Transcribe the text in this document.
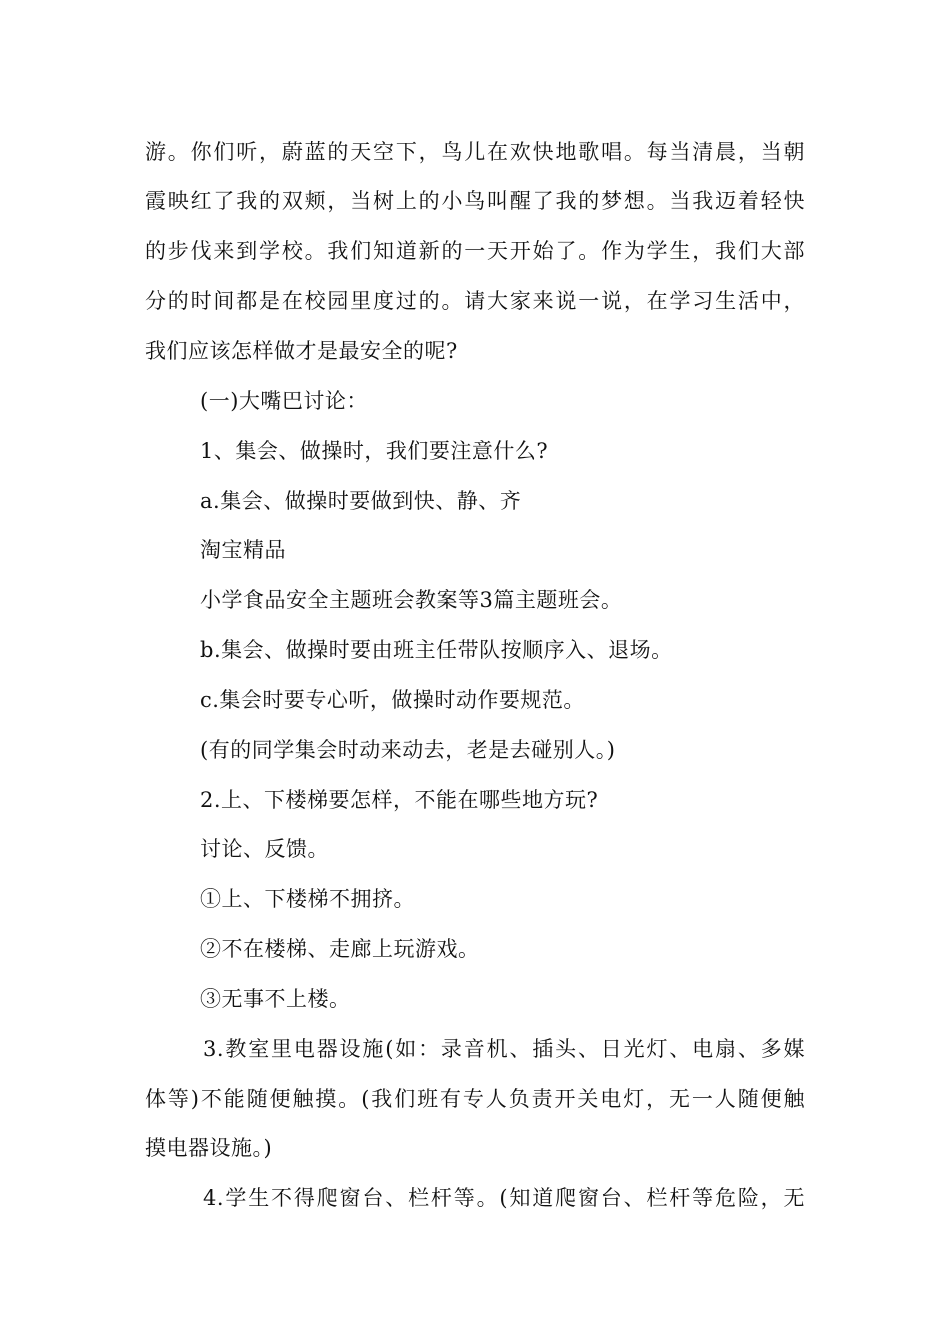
游。你们听，蔚蓝的天空下，鸟儿在欢快地歌唱。每当清晨，当朝
霞映红了我的双颊，当树上的小鸟叫醒了我的梦想。当我迈着轻快
的步伐来到学校。我们知道新的一天开始了。作为学生，我们大部
分的时间都是在校园里度过的。请大家来说一说，在学习生活中，
我们应该怎样做才是最安全的呢?
(一)大嘴巴讨论：
1、集会、做操时，我们要注意什么?
a.集会、做操时要做到快、静、齐
淘宝精品
小学食品安全主题班会教案等3篇主题班会。
b.集会、做操时要由班主任带队按顺序入、退场。
c.集会时要专心听，做操时动作要规范。
(有的同学集会时动来动去，老是去碰别人。)
2.上、下楼梯要怎样，不能在哪些地方玩?
讨论、反馈。
①上、下楼梯不拥挤。
②不在楼梯、走廊上玩游戏。
③无事不上楼。
3.教室里电器设施(如：录音机、插头、日光灯、电扇、多媒
体等)不能随便触摸。(我们班有专人负责开关电灯，无一人随便触
摸电器设施。)
4.学生不得爬窗台、栏杆等。(知道爬窗台、栏杆等危险，无
